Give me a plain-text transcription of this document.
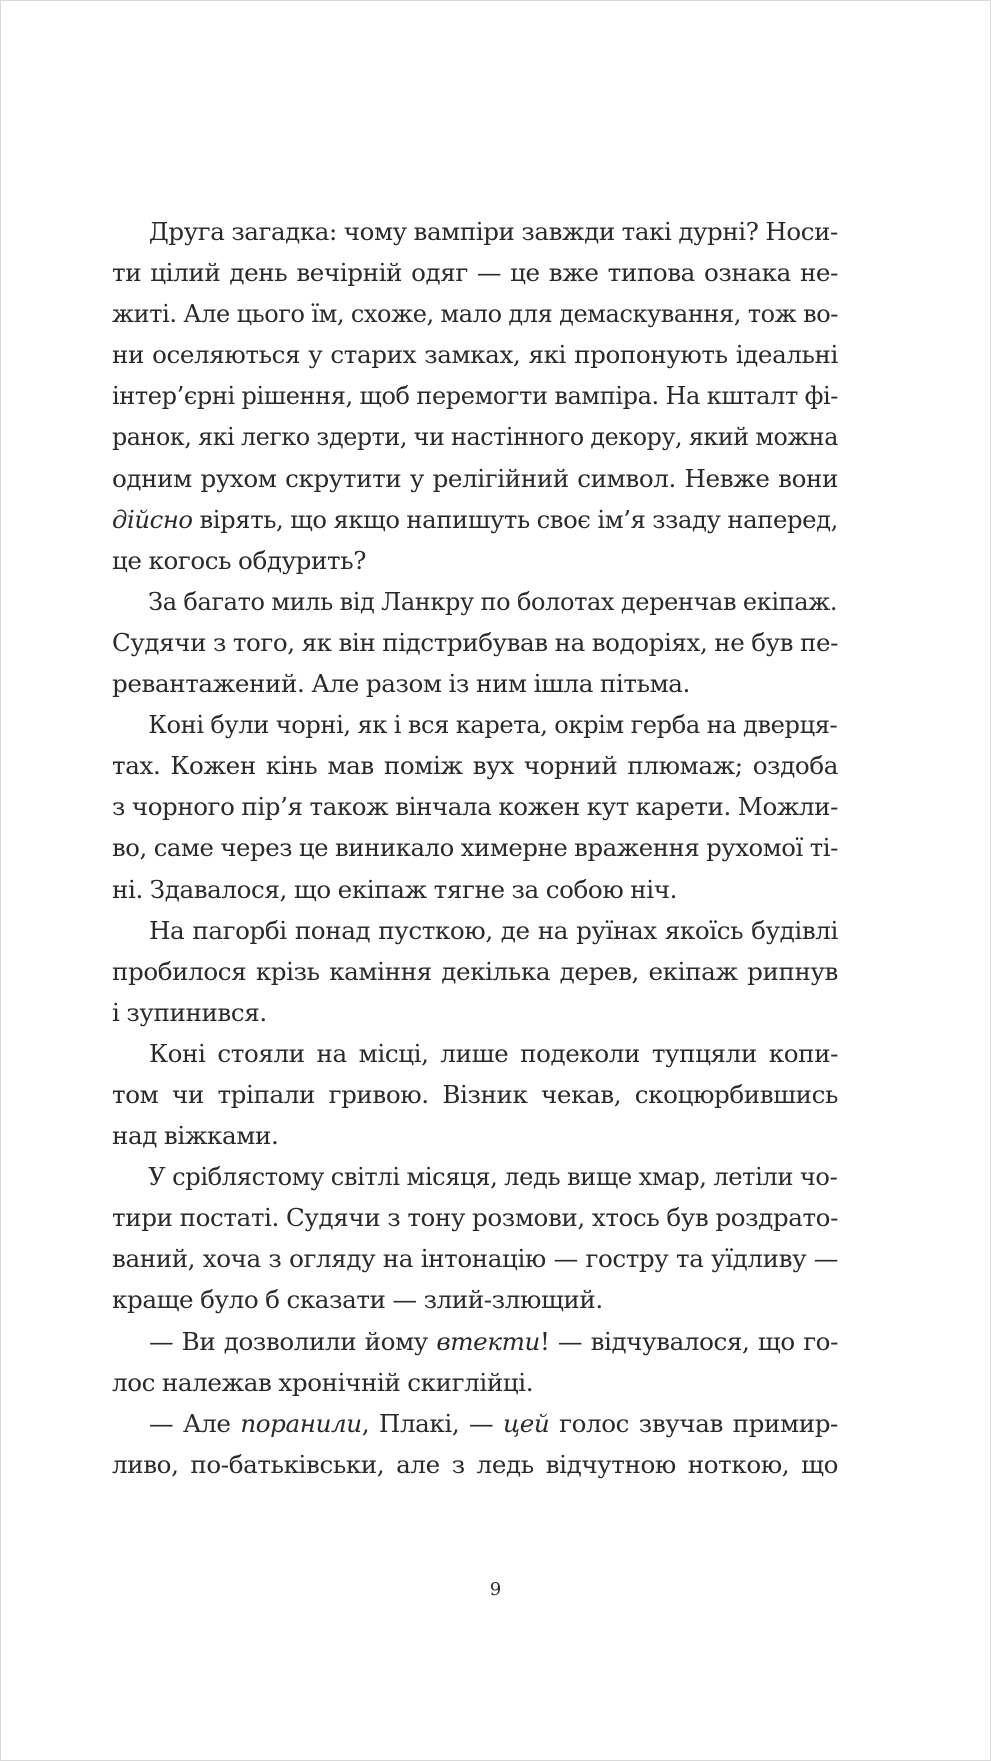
Друга загадка: чому вампіри завжди такі дурні? Носи-
ти цілий день вечірній одяг — це вже типова ознака не-
житі. Але цього їм, схоже, мало для демаскування, тож во-
ни оселяються у старих замках, які пропонують ідеальні
інтер’єрні рішення, щоб перемогти вампіра. На кшталт фі-
ранок, які легко здерти, чи настінного декору, який можна
одним рухом скрутити у релігійний символ. Невже вони
дійсно вірять, що якщо напишуть своє ім’я ззаду наперед,
це когось обдурить?
За багато миль від Ланкру по болотах деренчав екіпаж.
Судячи з того, як він підстрибував на водоріях, не був пе-
ревантажений. Але разом із ним ішла пітьма.
Коні були чорні, як і вся карета, окрім герба на дверця-
тах. Кожен кінь мав поміж вух чорний плюмаж; оздоба
з чорного пір’я також вінчала кожен кут карети. Можли-
во, саме через це виникало химерне враження рухомої ті-
ні. Здавалося, що екіпаж тягне за собою ніч.
На пагорбі понад пусткою, де на руїнах якоїсь будівлі
пробилося крізь каміння декілька дерев, екіпаж рипнув
і зупинився.
Коні стояли на місці, лише подеколи тупцяли копи-
том чи тріпали гривою. Візник чекав, скоцюрбившись
над віжками.
У сріблястому світлі місяця, ледь вище хмар, летіли чо-
тири постаті. Судячи з тону розмови, хтось був роздрато-
ваний, хоча з огляду на інтонацію — гостру та уїдливу —
краще було б сказати — злий-злющий.
— Ви дозволили йому втекти! — відчувалося, що го-
лос належав хронічній скиглійці.
— Але поранили, Плакі, — цей голос звучав примир-
ливо, по-батьківськи, але з ледь відчутною ноткою, що
9
